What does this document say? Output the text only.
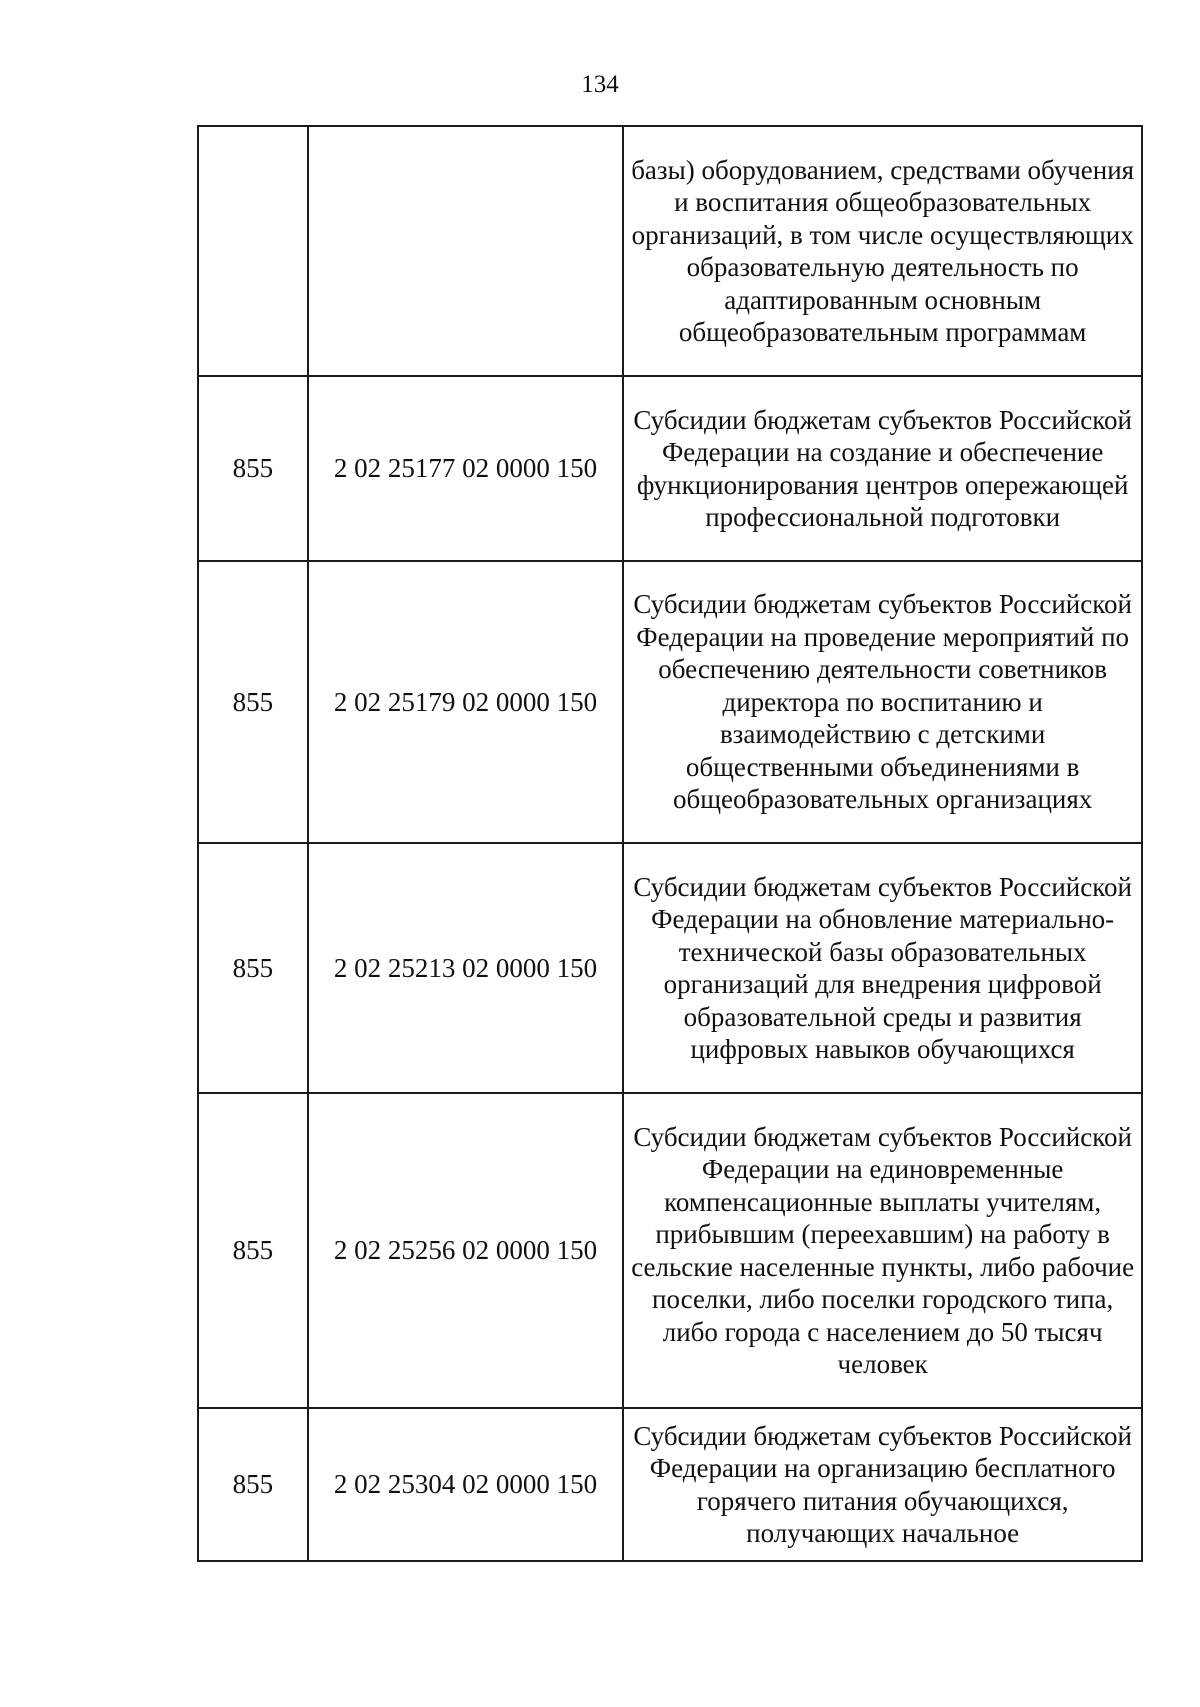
134
		базы) оборудованием, средствами обучения и воспитания общеобразовательных организаций, в том числе осуществляющих образовательную деятельность по адаптированным основным общеобразовательным программам
855	2 02 25177 02 0000 150	Субсидии бюджетам субъектов Российской Федерации на создание и обеспечение функционирования центров опережающей профессиональной подготовки
855	2 02 25179 02 0000 150	Субсидии бюджетам субъектов Российской Федерации на проведение мероприятий по обеспечению деятельности советников директора по воспитанию и взаимодействию с детскими общественными объединениями в общеобразовательных организациях
855	2 02 25213 02 0000 150	Субсидии бюджетам субъектов Российской Федерации на обновление материально-технической базы образовательных организаций для внедрения цифровой образовательной среды и развития цифровых навыков обучающихся
855	2 02 25256 02 0000 150	Субсидии бюджетам субъектов Российской Федерации на единовременные компенсационные выплаты учителям, прибывшим (переехавшим) на работу в сельские населенные пункты, либо рабочие поселки, либо поселки городского типа, либо города с населением до 50 тысяч человек
855	2 02 25304 02 0000 150	Субсидии бюджетам субъектов Российской Федерации на организацию бесплатного горячего питания обучающихся, получающих начальное
